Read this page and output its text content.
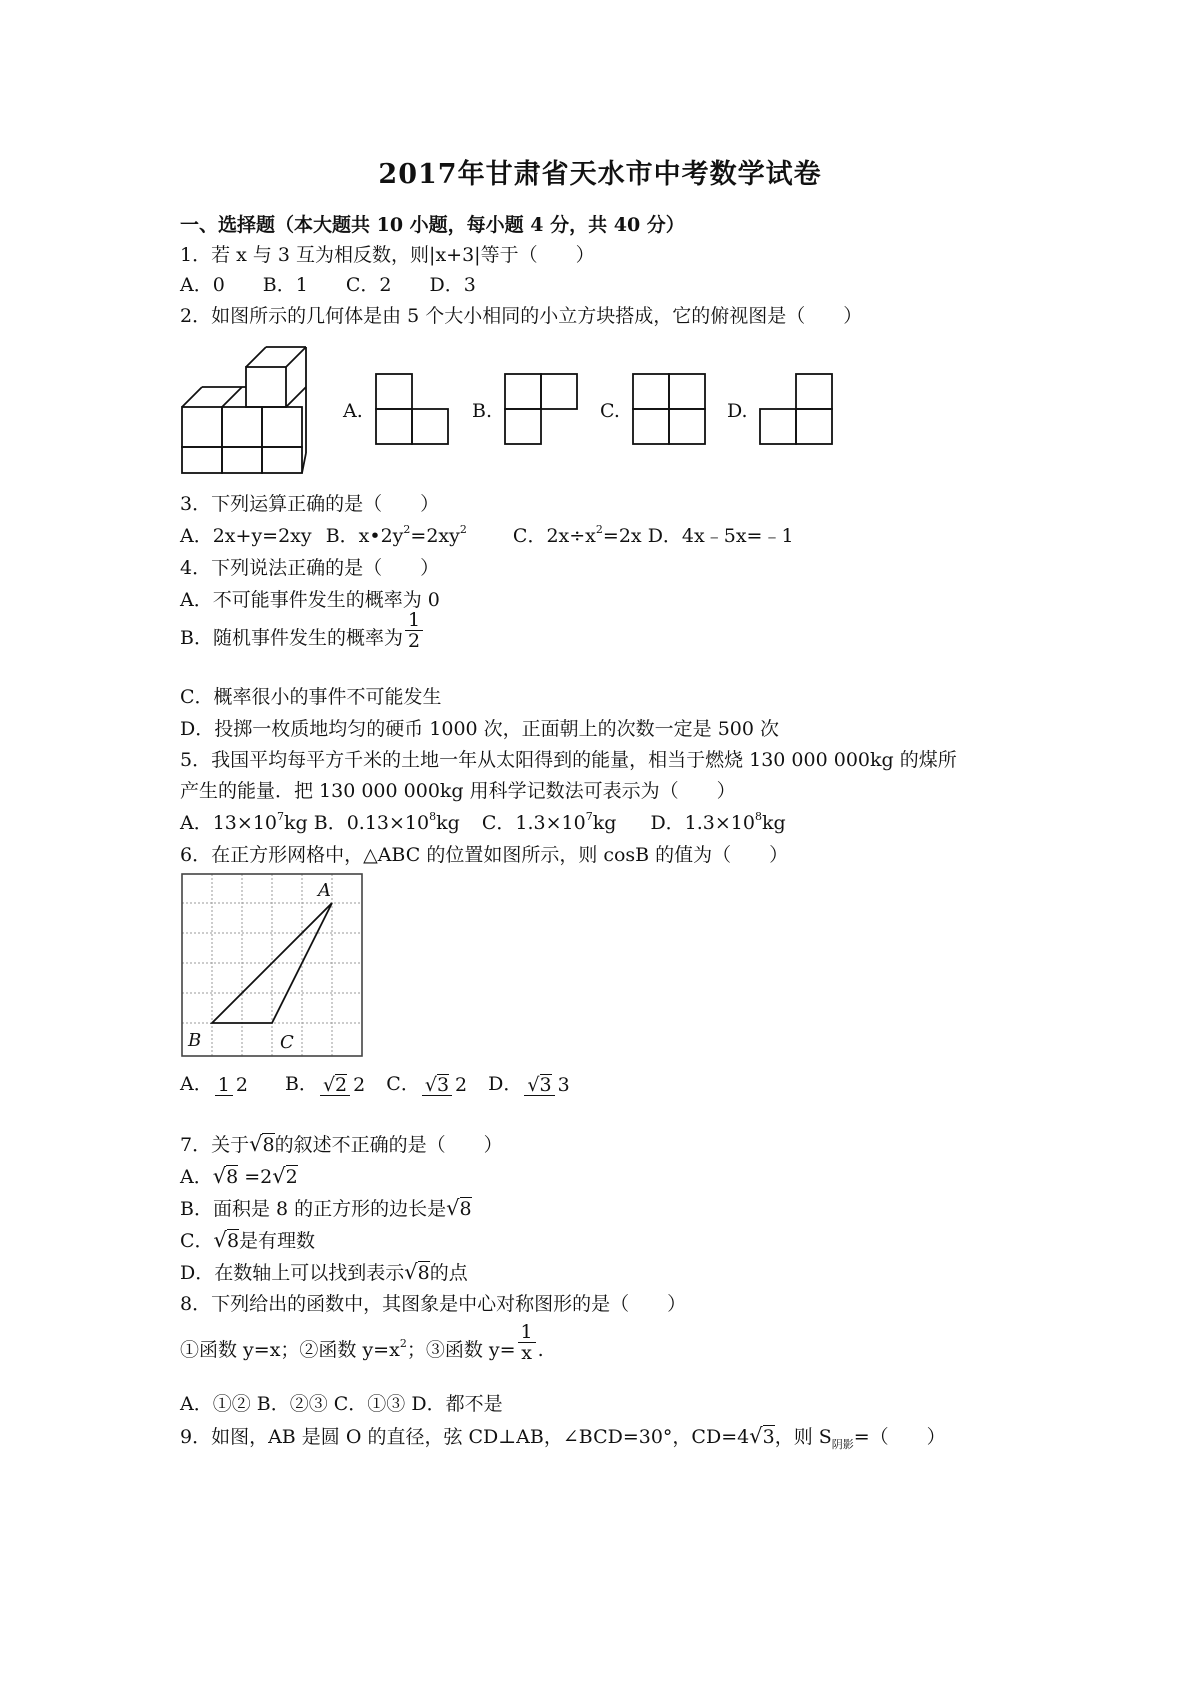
2017年甘肃省天水市中考数学试卷
一、选择题（本大题共 10 小题，每小题 4 分，共 40 分）
1．若 x 与 3 互为相反数，则|x+3|等于（　　）
A．0　　B．1　　C．2　　D．3
2．如图所示的几何体是由 5 个大小相同的小立方块搭成，它的俯视图是（　　）
A.	B.	C.	D.
3．下列运算正确的是（　　）
A．2x+y=2xy B．$x•2y^2=2xy^2$ C．$2x\div x^2=2x$ D．4x﹣5x=﹣1
4．下列说法正确的是（　　）
A．不可能事件发生的概率为 0
B．随机事件发生的概率为 $\frac{1}{2}$
C．概率很小的事件不可能发生
D．投掷一枚质地均匀的硬币 1000 次，正面朝上的次数一定是 500 次
5．我国平均每平方千米的土地一年从太阳得到的能量，相当于燃烧 130 000 000kg 的煤所
产生的能量．把 130 000 000kg 用科学记数法可表示为（　　）
A．$13\times 10^7kg$ B．$0.13\times 10^8kg$ C．$1.3\times 10^7kg$ D．$1.3\times 10^8kg$
6．在正方形网格中，△ABC 的位置如图所示，则 cosB 的值为（　　）
A
B	C
A． 1 2 B． √2 2 C． √3 2 D． √3 3
7．关于√8的叙述不正确的是（　　）
A．√8 =2√2
B．面积是 8 的正方形的边长是√8
C．√8是有理数
D．在数轴上可以找到表示√8的点
8．下列给出的函数中，其图象是中心对称图形的是（　　）
①函数 y=x；②函数 $y=x^2$；③函数 $y= \frac{1}{x}$ .
A．①② B．②③ C．①③ D．都不是
9．如图，AB 是圆 O 的直径，弦 CD⊥AB，∠BCD=30°，CD=4√3，则 $S_{阴影}=$（　　）
